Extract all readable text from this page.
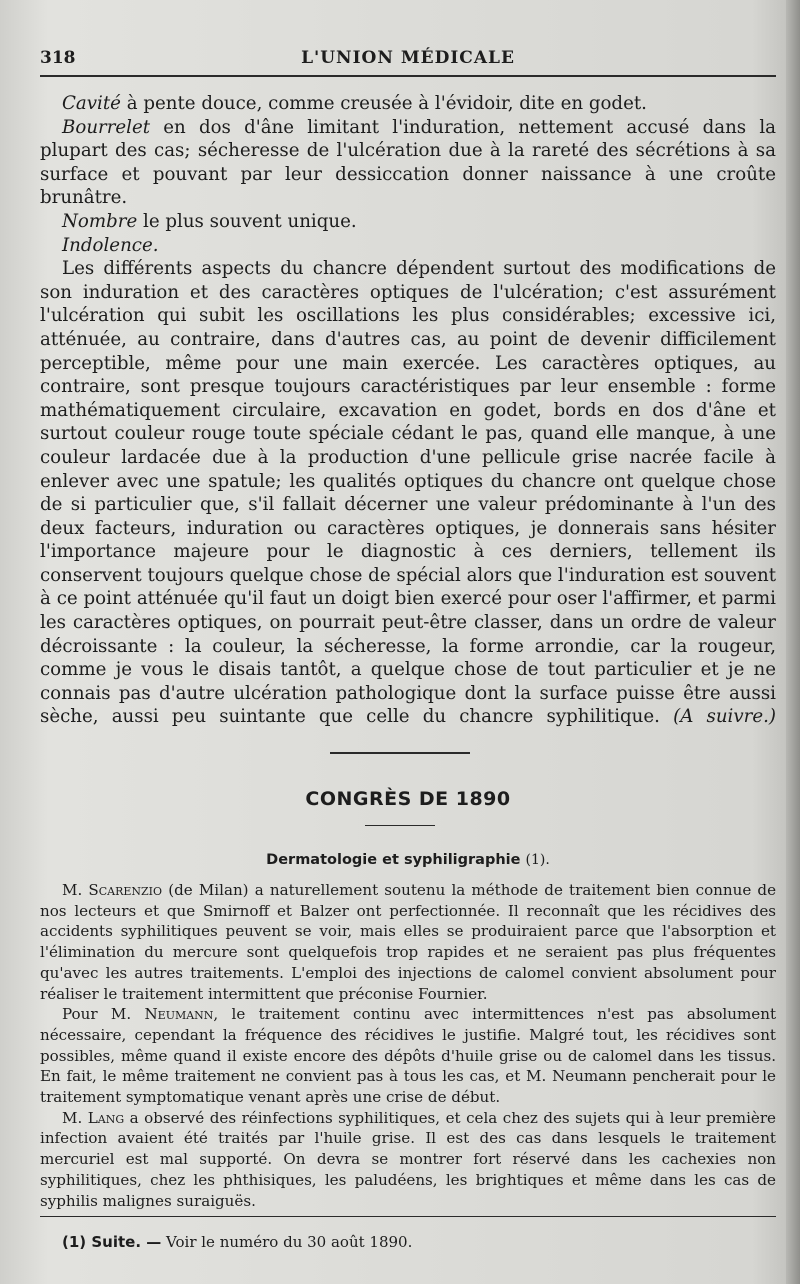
318	L'UNION MÉDICALE

Cavité à pente douce, comme creusée à l'évidoir, dite en godet.

Bourrelet en dos d'âne limitant l'induration, nettement accusé dans la plupart des cas; sécheresse de l'ulcération due à la rareté des sécrétions à sa surface et pouvant par leur dessiccation donner naissance à une croûte brunâtre.

Nombre le plus souvent unique.

Indolence.

Les différents aspects du chancre dépendent surtout des modifications de son induration et des caractères optiques de l'ulcération; c'est assurément l'ulcération qui subit les oscillations les plus considérables; excessive ici, atténuée, au contraire, dans d'autres cas, au point de devenir difficilement perceptible, même pour une main exercée. Les caractères optiques, au contraire, sont presque toujours caractéristiques par leur ensemble : forme mathématiquement circulaire, excavation en godet, bords en dos d'âne et surtout couleur rouge toute spéciale cédant le pas, quand elle manque, à une couleur lardacée due à la production d'une pellicule grise nacrée facile à enlever avec une spatule; les qualités optiques du chancre ont quelque chose de si particulier que, s'il fallait décerner une valeur prédominante à l'un des deux facteurs, induration ou caractères optiques, je donnerais sans hésiter l'importance majeure pour le diagnostic à ces derniers, tellement ils conservent toujours quelque chose de spécial alors que l'induration est souvent à ce point atténuée qu'il faut un doigt bien exercé pour oser l'affirmer, et parmi les caractères optiques, on pourrait peut-être classer, dans un ordre de valeur décroissante : la couleur, la sécheresse, la forme arrondie, car la rougeur, comme je vous le disais tantôt, a quelque chose de tout particulier et je ne connais pas d'autre ulcération pathologique dont la surface puisse être aussi sèche, aussi peu suintante que celle du chancre syphilitique. (A suivre.)

CONGRÈS DE 1890
Dermatologie et syphiligraphie (1).

M. Scarenzio (de Milan) a naturellement soutenu la méthode de traitement bien connue de nos lecteurs et que Smirnoff et Balzer ont perfectionnée. Il reconnaît que les récidives des accidents syphilitiques peuvent se voir, mais elles se produiraient parce que l'absorption et l'élimination du mercure sont quelquefois trop rapides et ne seraient pas plus fréquentes qu'avec les autres traitements. L'emploi des injections de calomel convient absolument pour réaliser le traitement intermittent que préconise Fournier.

Pour M. Neumann, le traitement continu avec intermittences n'est pas absolument nécessaire, cependant la fréquence des récidives le justifie. Malgré tout, les récidives sont possibles, même quand il existe encore des dépôts d'huile grise ou de calomel dans les tissus. En fait, le même traitement ne convient pas à tous les cas, et M. Neumann pencherait pour le traitement symptomatique venant après une crise de début.

M. Lang a observé des réinfections syphilitiques, et cela chez des sujets qui à leur première infection avaient été traités par l'huile grise. Il est des cas dans lesquels le traitement mercuriel est mal supporté. On devra se montrer fort réservé dans les cachexies non syphilitiques, chez les phthisiques, les paludéens, les brightiques et même dans les cas de syphilis malignes suraiguës.

(1) Suite. — Voir le numéro du 30 août 1890.
